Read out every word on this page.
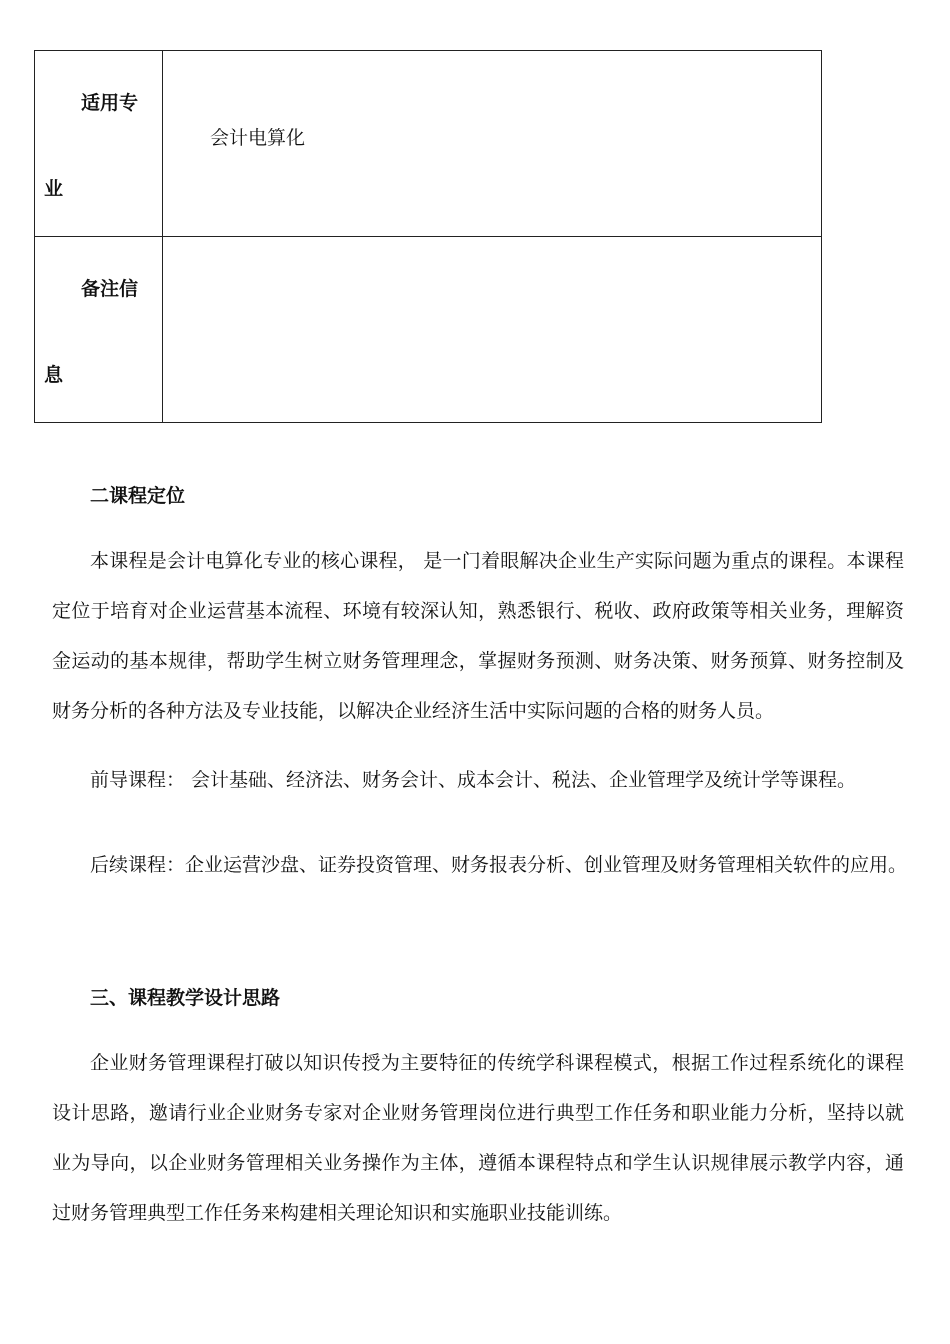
适用专
业	会计电算化

备注信
息	

二课程定位
本课程是会计电算化专业的核心课程， 是一门着眼解决企业生产实际问题为重点的课程。本课程定位于培育对企业运营基本流程、环境有较深认知，熟悉银行、税收、政府政策等相关业务，理解资金运动的基本规律，帮助学生树立财务管理理念，掌握财务预测、财务决策、财务预算、财务控制及财务分析的各种方法及专业技能，以解决企业经济生活中实际问题的合格的财务人员。
前导课程： 会计基础、经济法、财务会计、成本会计、税法、企业管理学及统计学等课程。
后续课程：企业运营沙盘、证券投资管理、财务报表分析、创业管理及财务管理相关软件的应用。
三、课程教学设计思路
企业财务管理课程打破以知识传授为主要特征的传统学科课程模式，根据工作过程系统化的课程设计思路，邀请行业企业财务专家对企业财务管理岗位进行典型工作任务和职业能力分析，坚持以就业为导向，以企业财务管理相关业务操作为主体，遵循本课程特点和学生认识规律展示教学内容，通过财务管理典型工作任务来构建相关理论知识和实施职业技能训练。
